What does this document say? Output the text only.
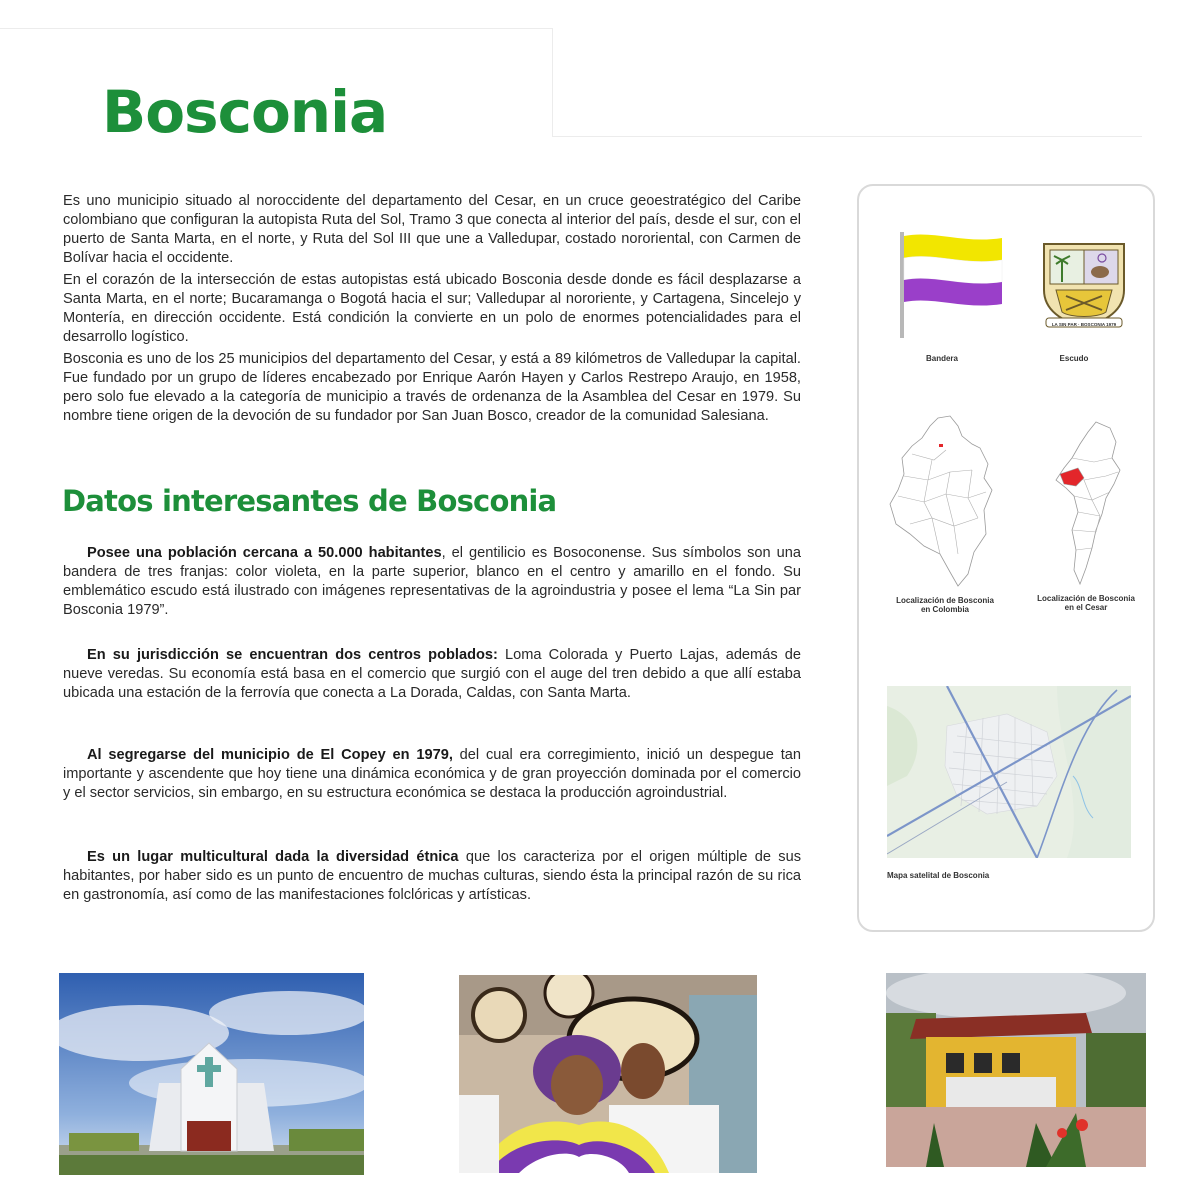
Bosconia

Es uno municipio situado al noroccidente del departamento del Cesar, en un cruce geoestratégico del Caribe colombiano que configuran la autopista Ruta del Sol, Tramo 3 que conecta al interior del país, desde el sur, con el puerto de Santa Marta, en el norte, y Ruta del Sol III que une a Valledupar, costado nororiental, con Carmen de Bolívar hacia el occidente.

En el corazón de la intersección de estas autopistas está ubicado Bosconia desde donde es fácil desplazarse a Santa Marta, en el norte; Bucaramanga o Bogotá hacia el sur; Valledupar al nororiente, y Cartagena, Sincelejo y Montería, en dirección occidente. Está condición la convierte en un polo de enormes potencialidades para el desarrollo logístico.

Bosconia es uno de los 25 municipios del departamento del Cesar, y está a 89 kilómetros de Valledupar la capital. Fue fundado por un grupo de líderes encabezado por Enrique Aarón Hayen y Carlos Restrepo Araujo, en 1958, pero solo fue elevado a la categoría de municipio a través de ordenanza de la Asamblea del Cesar en 1979. Su nombre tiene origen de la devoción de su fundador por San Juan Bosco, creador de la comunidad Salesiana.

Datos interesantes de Bosconia

Posee una población cercana a 50.000 habitantes, el gentilicio es Bosoconense. Sus símbolos son una bandera de tres franjas: color violeta, en la parte superior, blanco en el centro y amarillo en el fondo. Su emblemático escudo está ilustrado con imágenes representativas de la agroindustria y posee el lema “La Sin par Bosconia 1979”.

En su jurisdicción se encuentran dos centros poblados: Loma Colorada y Puerto Lajas, además de nueve veredas. Su economía está basa en el comercio que surgió con el auge del tren debido a que allí estaba ubicada una estación de la ferrovía que conecta a La Dorada, Caldas, con Santa Marta.

Al segregarse del municipio de El Copey en 1979, del cual era corregimiento, inició un despegue tan importante y ascendente que hoy tiene una dinámica económica y de gran proyección dominada por el comercio y el sector servicios, sin embargo, en su estructura económica se destaca la producción agroindustrial.

Es un lugar multicultural dada la diversidad étnica que los caracteriza por el origen múltiple de sus habitantes, por haber sido es un punto de encuentro de muchas culturas, siendo ésta la principal razón de su rica en gastronomía, así como de las manifestaciones folclóricas y artísticas.

Bandera
LA SIN PAR · BOSCONIA 1979
Escudo
Localización de Bosconia
en Colombia
Localización de Bosconia
en el Cesar
Mapa satelital de Bosconia
